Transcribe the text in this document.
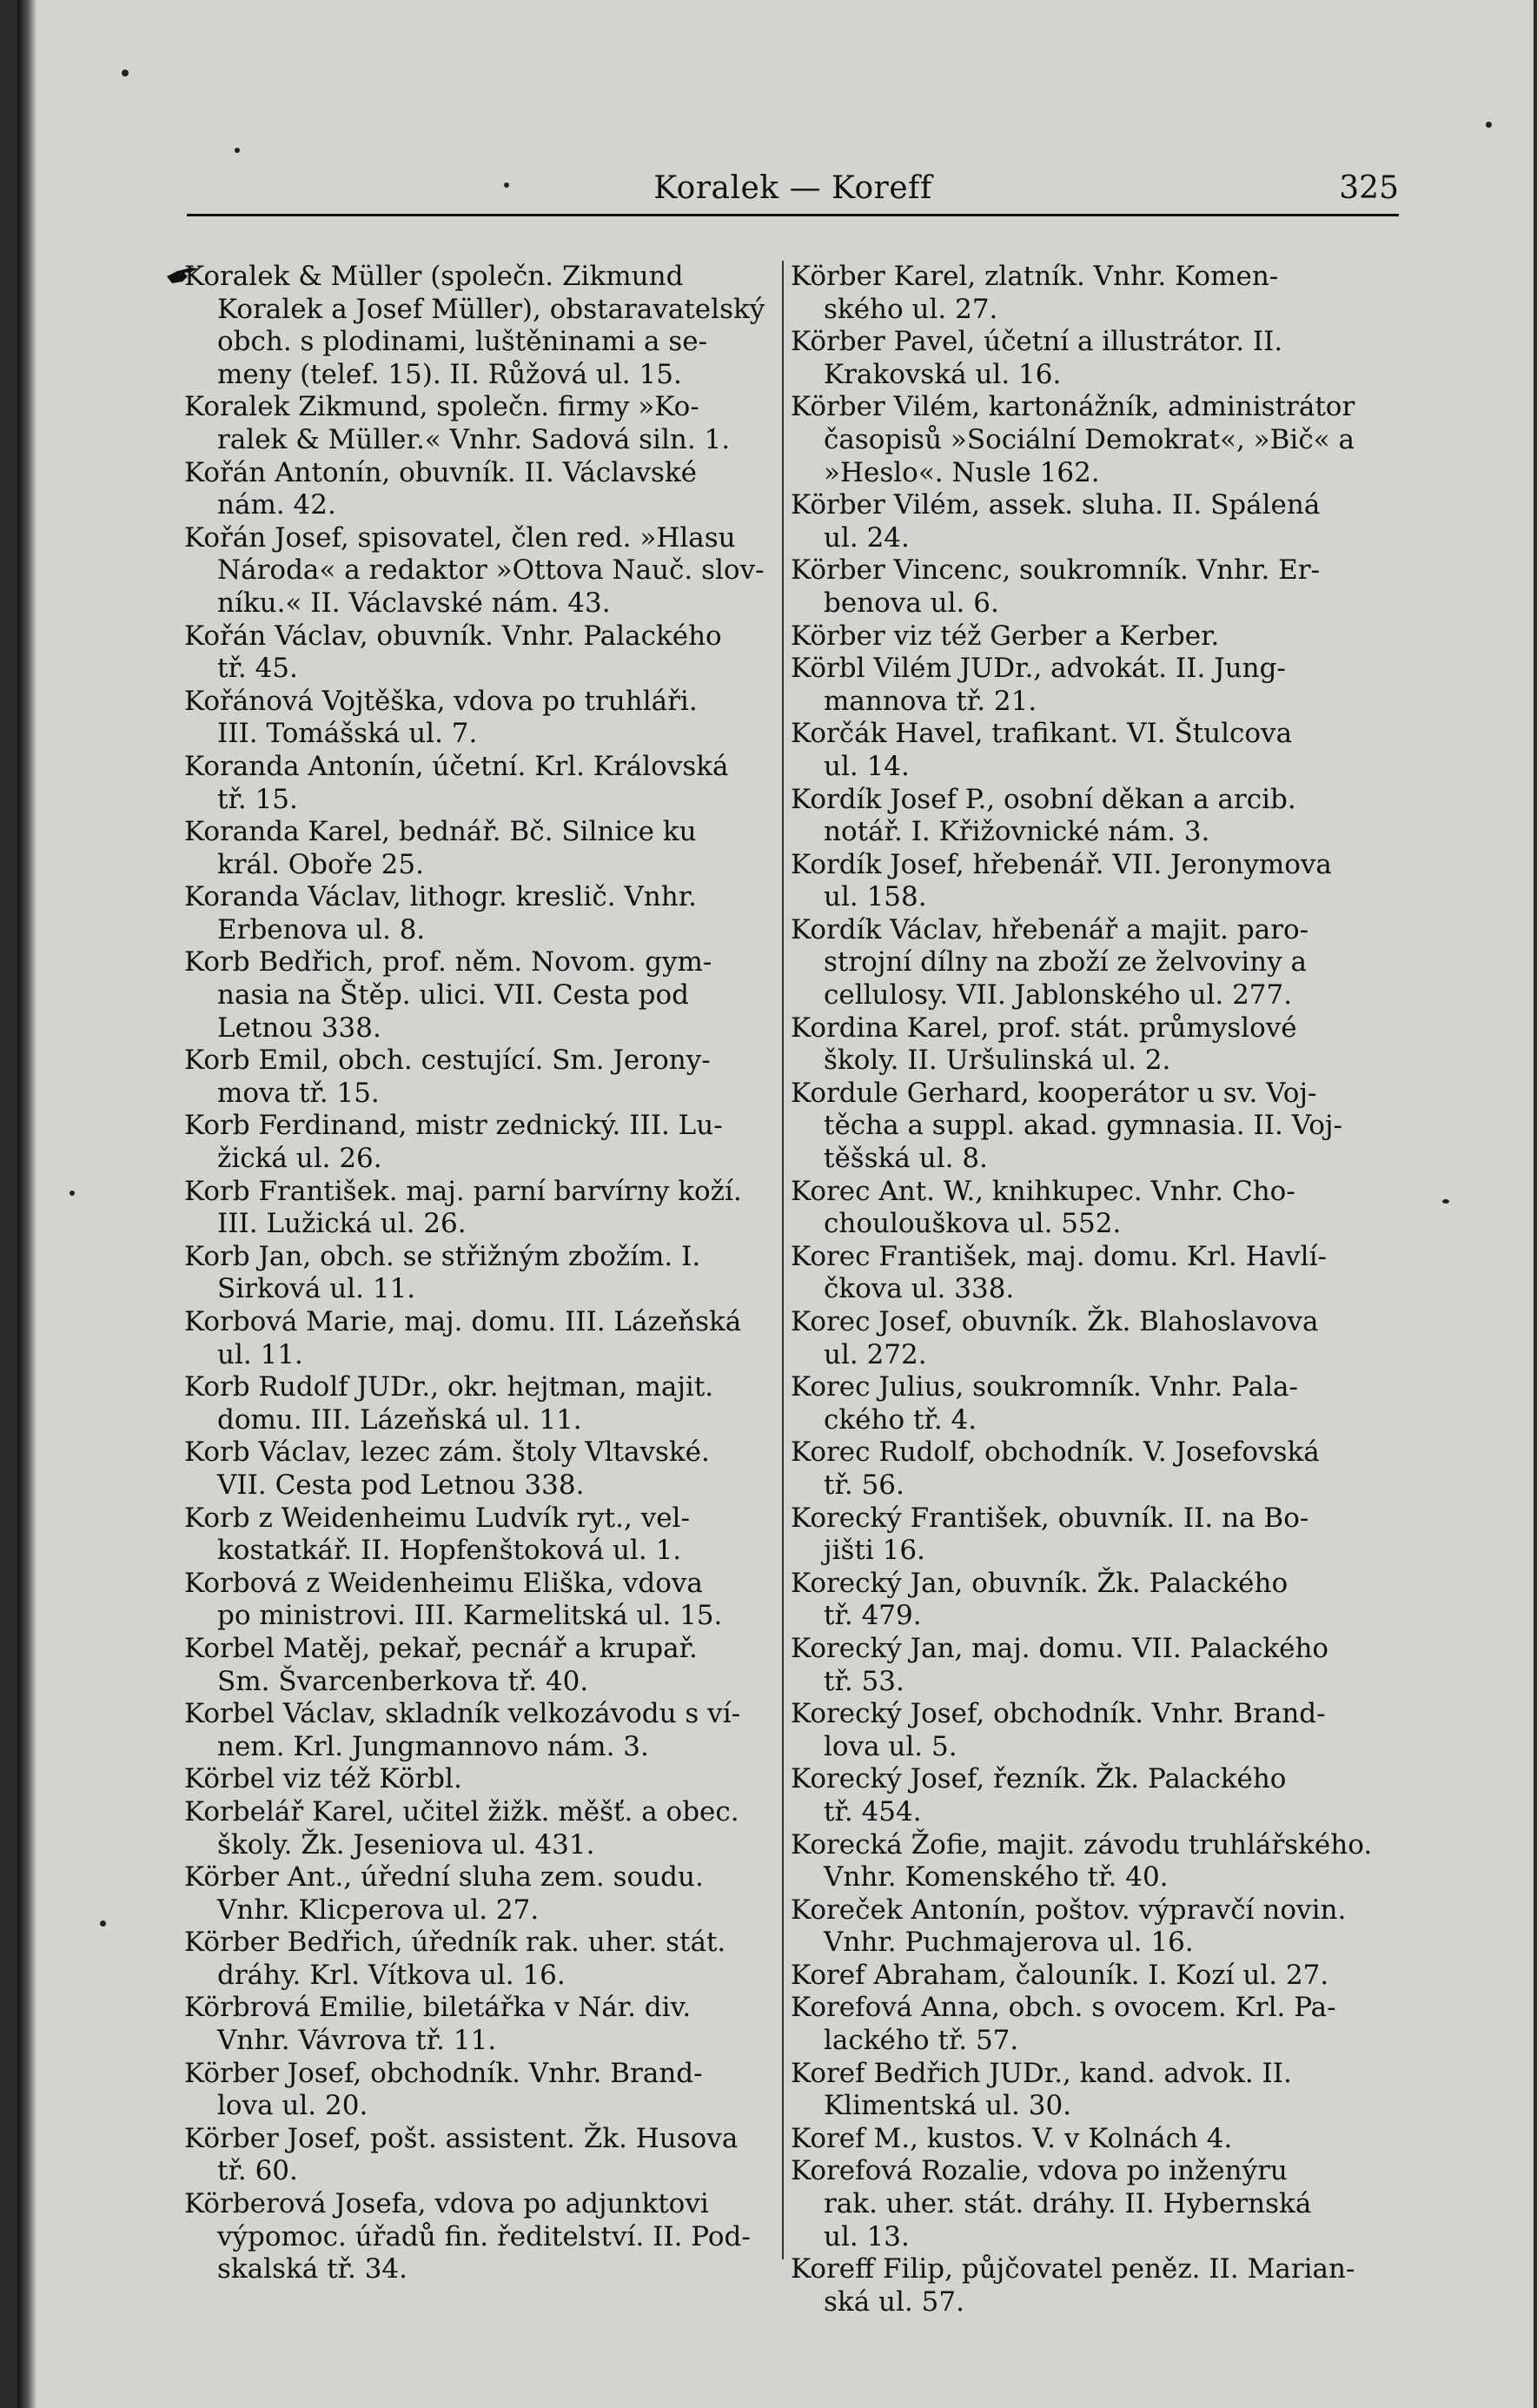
Koralek — Koreff	325
Koralek & Müller (společn. Zikmund
Koralek a Josef Müller), obstaravatelský
obch. s plodinami, luštěninami a se-
meny (telef. 15). II. Růžová ul. 15.
Koralek Zikmund, společn. firmy »Ko-
ralek & Müller.« Vnhr. Sadová siln. 1.
Kořán Antonín, obuvník. II. Václavské
nám. 42.
Kořán Josef, spisovatel, člen red. »Hlasu
Národa« a redaktor »Ottova Nauč. slov-
níku.« II. Václavské nám. 43.
Kořán Václav, obuvník. Vnhr. Palackého
tř. 45.
Kořánová Vojtěška, vdova po truhláři.
III. Tomášská ul. 7.
Koranda Antonín, účetní. Krl. Královská
tř. 15.
Koranda Karel, bednář. Bč. Silnice ku
král. Oboře 25.
Koranda Václav, lithogr. kreslič. Vnhr.
Erbenova ul. 8.
Korb Bedřich, prof. něm. Novom. gym-
nasia na Štěp. ulici. VII. Cesta pod
Letnou 338.
Korb Emil, obch. cestující. Sm. Jerony-
mova tř. 15.
Korb Ferdinand, mistr zednický. III. Lu-
žická ul. 26.
Korb František. maj. parní barvírny koží.
III. Lužická ul. 26.
Korb Jan, obch. se střižným zbožím. I.
Sirková ul. 11.
Korbová Marie, maj. domu. III. Lázeňská
ul. 11.
Korb Rudolf JUDr., okr. hejtman, majit.
domu. III. Lázeňská ul. 11.
Korb Václav, lezec zám. štoly Vltavské.
VII. Cesta pod Letnou 338.
Korb z Weidenheimu Ludvík ryt., vel-
kostatkář. II. Hopfenštoková ul. 1.
Korbová z Weidenheimu Eliška, vdova
po ministrovi. III. Karmelitská ul. 15.
Korbel Matěj, pekař, pecnář a krupař.
Sm. Švarcenberkova tř. 40.
Korbel Václav, skladník velkozávodu s ví-
nem. Krl. Jungmannovo nám. 3.
Körbel viz též Körbl.
Korbelář Karel, učitel žižk. měšť. a obec.
školy. Žk. Jeseniova ul. 431.
Körber Ant., úřední sluha zem. soudu.
Vnhr. Klicperova ul. 27.
Körber Bedřich, úředník rak. uher. stát.
dráhy. Krl. Vítkova ul. 16.
Körbrová Emilie, biletářka v Nár. div.
Vnhr. Vávrova tř. 11.
Körber Josef, obchodník. Vnhr. Brand-
lova ul. 20.
Körber Josef, pošt. assistent. Žk. Husova
tř. 60.
Körberová Josefa, vdova po adjunktovi
výpomoc. úřadů fin. ředitelství. II. Pod-
skalská tř. 34.
Körber Karel, zlatník. Vnhr. Komen-
ského ul. 27.
Körber Pavel, účetní a illustrátor. II.
Krakovská ul. 16.
Körber Vilém, kartonážník, administrátor
časopisů »Sociální Demokrat«, »Bič« a
»Heslo«. Nusle 162.
Körber Vilém, assek. sluha. II. Spálená
ul. 24.
Körber Vincenc, soukromník. Vnhr. Er-
benova ul. 6.
Körber viz též Gerber a Kerber.
Körbl Vilém JUDr., advokát. II. Jung-
mannova tř. 21.
Korčák Havel, trafikant. VI. Štulcova
ul. 14.
Kordík Josef P., osobní děkan a arcib.
notář. I. Křižovnické nám. 3.
Kordík Josef, hřebenář. VII. Jeronymova
ul. 158.
Kordík Václav, hřebenář a majit. paro-
strojní dílny na zboží ze želvoviny a
cellulosy. VII. Jablonského ul. 277.
Kordina Karel, prof. stát. průmyslové
školy. II. Uršulinská ul. 2.
Kordule Gerhard, kooperátor u sv. Voj-
těcha a suppl. akad. gymnasia. II. Voj-
těšská ul. 8.
Korec Ant. W., knihkupec. Vnhr. Cho-
choulouškova ul. 552.
Korec František, maj. domu. Krl. Havlí-
čkova ul. 338.
Korec Josef, obuvník. Žk. Blahoslavova
ul. 272.
Korec Julius, soukromník. Vnhr. Pala-
ckého tř. 4.
Korec Rudolf, obchodník. V. Josefovská
tř. 56.
Korecký František, obuvník. II. na Bo-
jišti 16.
Korecký Jan, obuvník. Žk. Palackého
tř. 479.
Korecký Jan, maj. domu. VII. Palackého
tř. 53.
Korecký Josef, obchodník. Vnhr. Brand-
lova ul. 5.
Korecký Josef, řezník. Žk. Palackého
tř. 454.
Korecká Žofie, majit. závodu truhlářského.
Vnhr. Komenského tř. 40.
Koreček Antonín, poštov. výpravčí novin.
Vnhr. Puchmajerova ul. 16.
Koref Abraham, čalouník. I. Kozí ul. 27.
Korefová Anna, obch. s ovocem. Krl. Pa-
lackého tř. 57.
Koref Bedřich JUDr., kand. advok. II.
Klimentská ul. 30.
Koref M., kustos. V. v Kolnách 4.
Korefová Rozalie, vdova po inženýru
rak. uher. stát. dráhy. II. Hybernská
ul. 13.
Koreff Filip, půjčovatel peněz. II. Marian-
ská ul. 57.
